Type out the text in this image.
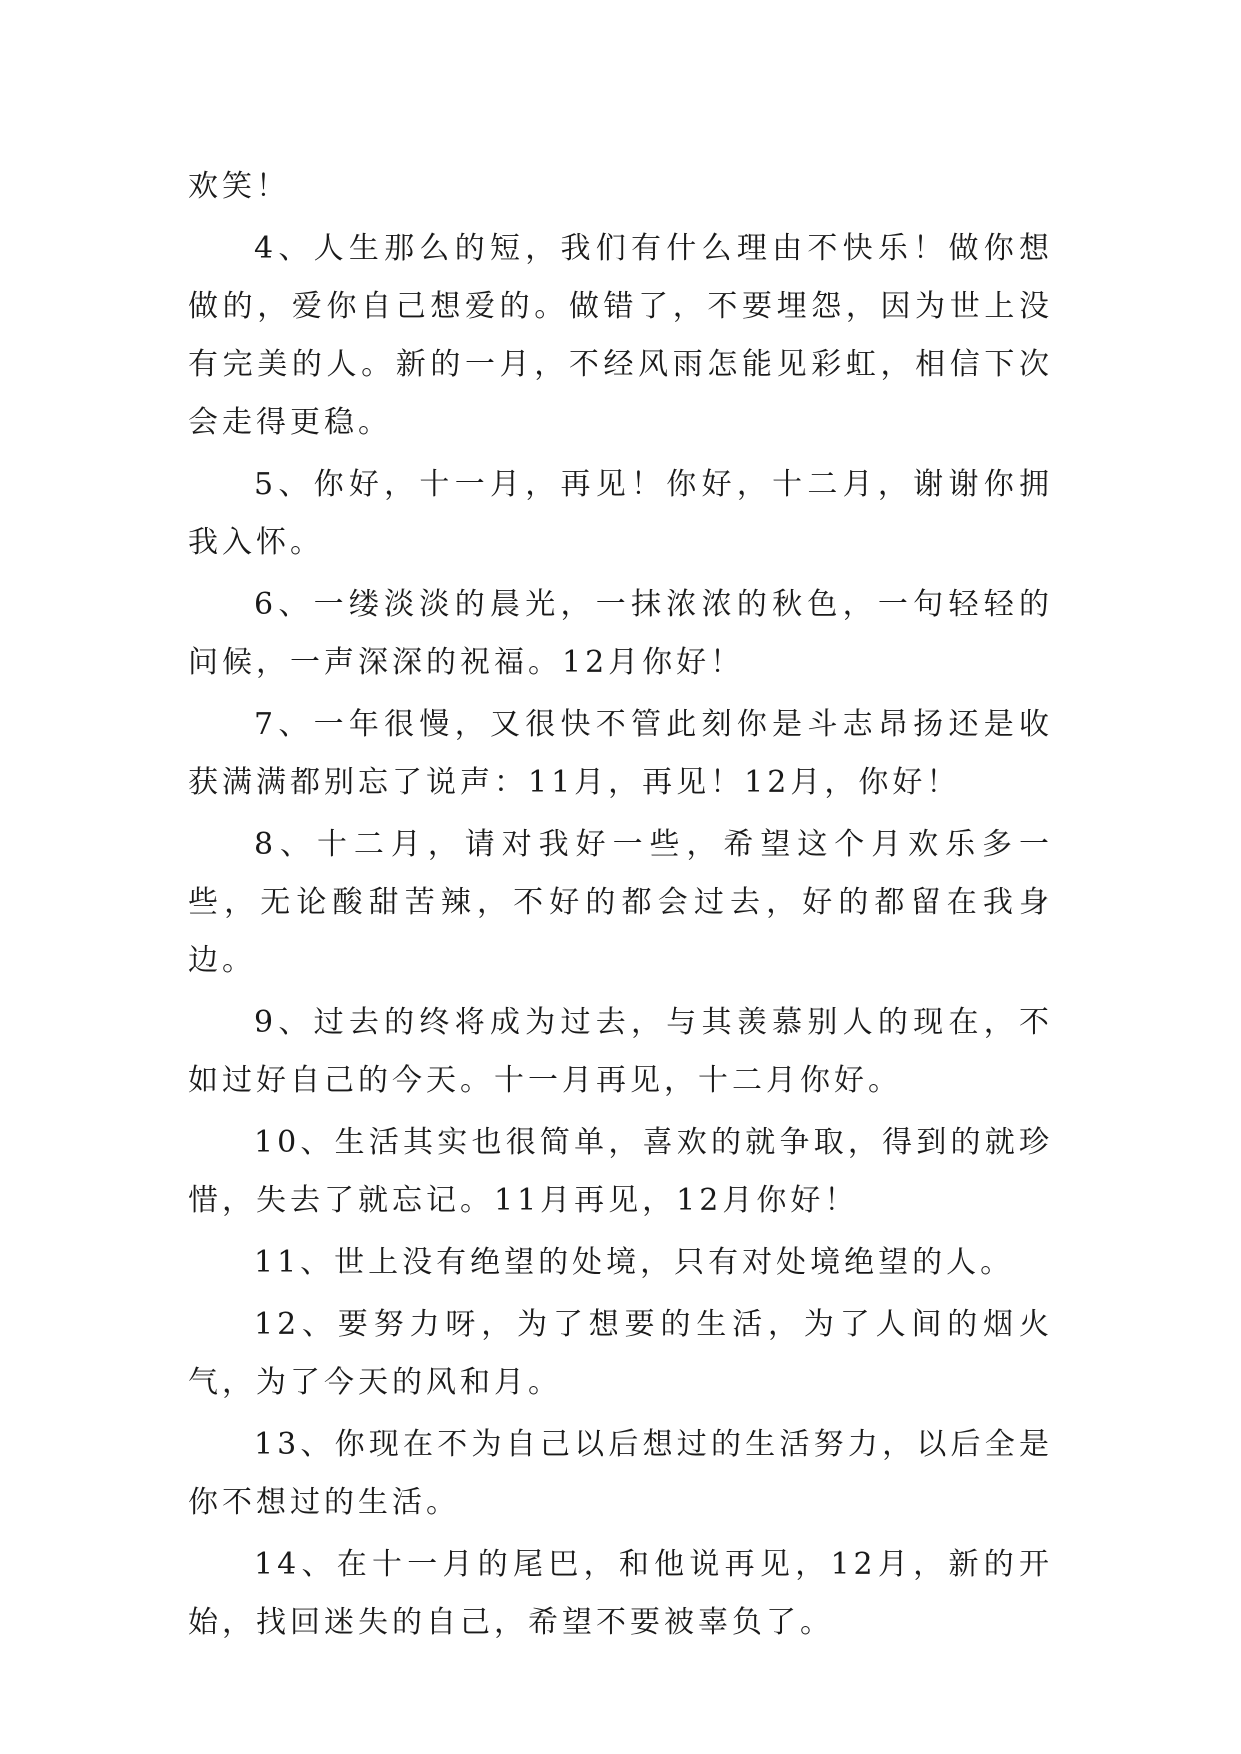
欢笑！

4、人生那么的短，我们有什么理由不快乐！做你想做的，爱你自己想爱的。做错了，不要埋怨，因为世上没有完美的人。新的一月，不经风雨怎能见彩虹，相信下次会走得更稳。

5、你好，十一月，再见！你好，十二月，谢谢你拥我入怀。

6、一缕淡淡的晨光，一抹浓浓的秋色，一句轻轻的问候，一声深深的祝福。12月你好！

7、一年很慢，又很快不管此刻你是斗志昂扬还是收获满满都别忘了说声：11月，再见！12月，你好！

8、十二月，请对我好一些，希望这个月欢乐多一些，无论酸甜苦辣，不好的都会过去，好的都留在我身边。

9、过去的终将成为过去，与其羡慕别人的现在，不如过好自己的今天。十一月再见，十二月你好。

10、生活其实也很简单，喜欢的就争取，得到的就珍惜，失去了就忘记。11月再见，12月你好！

11、世上没有绝望的处境，只有对处境绝望的人。

12、要努力呀，为了想要的生活，为了人间的烟火气，为了今天的风和月。

13、你现在不为自己以后想过的生活努力，以后全是你不想过的生活。

14、在十一月的尾巴，和他说再见，12月，新的开始，找回迷失的自己，希望不要被辜负了。
